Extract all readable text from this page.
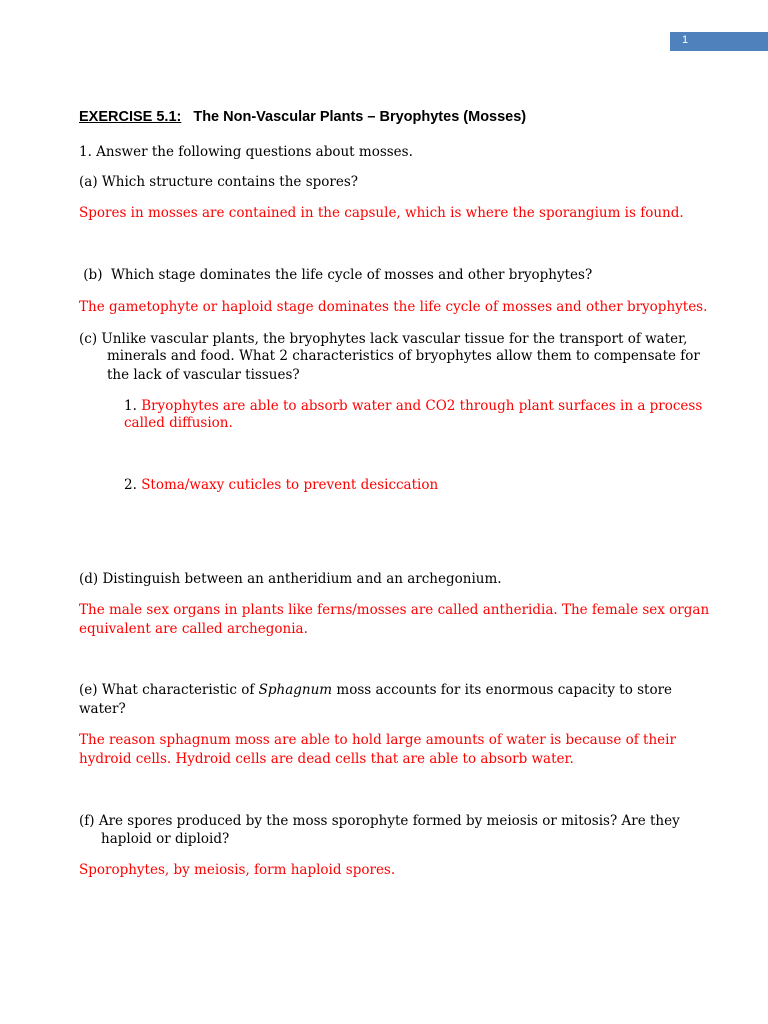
1
EXERCISE 5.1: The Non-Vascular Plants – Bryophytes (Mosses)
1. Answer the following questions about mosses.
(a) Which structure contains the spores?
Spores in mosses are contained in the capsule, which is where the sporangium is found.
(b)  Which stage dominates the life cycle of mosses and other bryophytes?
The gametophyte or haploid stage dominates the life cycle of mosses and other bryophytes.
(c) Unlike vascular plants, the bryophytes lack vascular tissue for the transport of water,
minerals and food. What 2 characteristics of bryophytes allow them to compensate for
the lack of vascular tissues?
1. Bryophytes are able to absorb water and CO2 through plant surfaces in a process
called diffusion.
2. Stoma/waxy cuticles to prevent desiccation
(d) Distinguish between an antheridium and an archegonium.
The male sex organs in plants like ferns/mosses are called antheridia. The female sex organ
equivalent are called archegonia.
(e) What characteristic of Sphagnum moss accounts for its enormous capacity to store
water?
The reason sphagnum moss are able to hold large amounts of water is because of their
hydroid cells. Hydroid cells are dead cells that are able to absorb water.
(f) Are spores produced by the moss sporophyte formed by meiosis or mitosis? Are they
haploid or diploid?
Sporophytes, by meiosis, form haploid spores.
